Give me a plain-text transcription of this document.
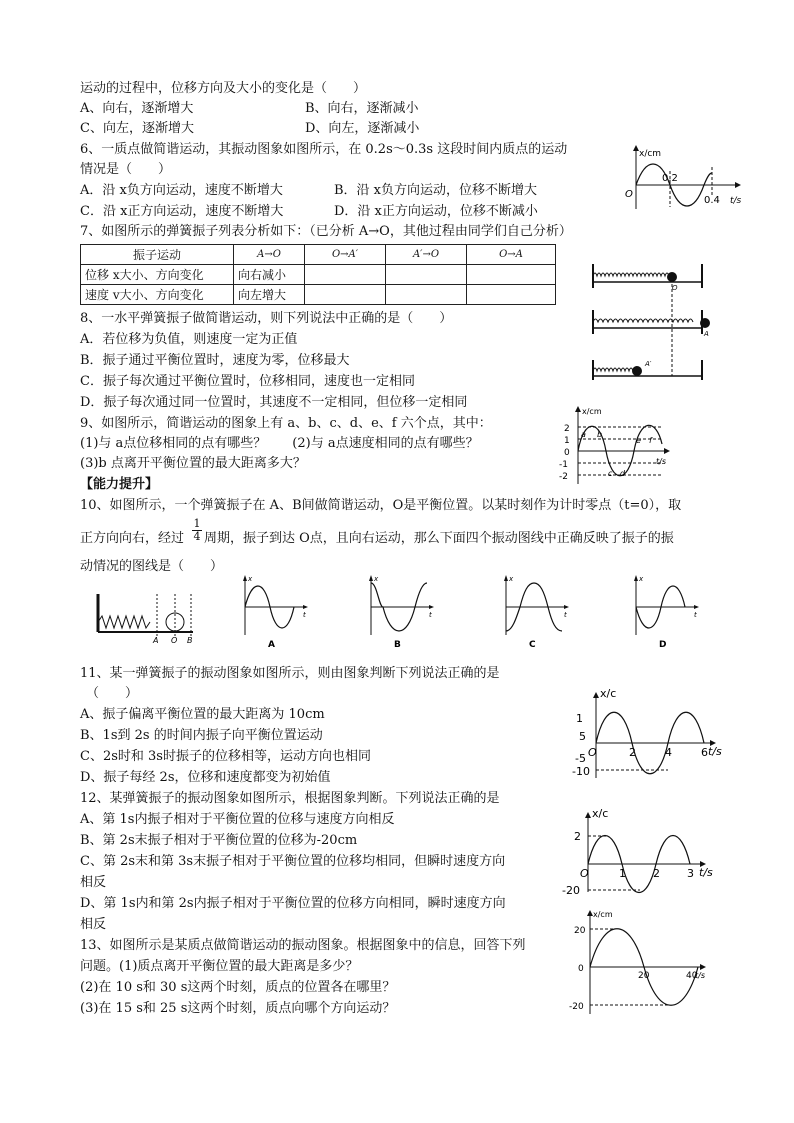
运动的过程中，位移方向及大小的变化是（　　）
A、向右，逐渐增大	B、向右，逐渐减小
C、向左，逐渐增大	D、向左，逐渐减小
6、一质点做简谐运动，其振动图象如图所示，在 0.2s～0.3s 这段时间内质点的运动
情况是（　　）
A．沿 x负方向运动，速度不断增大	B．沿 x负方向运动，位移不断增大
C．沿 x正方向运动，速度不断增大	D．沿 x正方向运动，位移不断减小
7、如图所示的弹簧振子列表分析如下：（已分析 A→O，其他过程由同学们自己分析）
振子运动	A→O	O→A′	A′→O	O→A
位移 x大小、方向变化	向右减小			
速度 v大小、方向变化	向左增大			
8、一水平弹簧振子做简谐运动，则下列说法中正确的是（　　）
A．若位移为负值，则速度一定为正值
B．振子通过平衡位置时，速度为零，位移最大
C．振子每次通过平衡位置时，位移相同，速度也一定相同
D．振子每次通过同一位置时，其速度不一定相同，但位移一定相同
9、如图所示，简谐运动的图象上有 a、b、c、d、e、f 六个点，其中：
(1)与 a点位移相同的点有哪些？　　(2)与 a点速度相同的点有哪些？
(3)b 点离开平衡位置的最大距离多大？
【能力提升】
10、如图所示，一个弹簧振子在 A、B间做简谐运动，O是平衡位置。以某时刻作为计时零点（t=0），取
正方向向右，经过 $\frac{1}{4}$ 周期，振子到达 O点，且向右运动，那么下面四个振动图线中正确反映了振子的振
动情况的图线是（　　）
11、某一弹簧振子的振动图象如图所示，则由图象判断下列说法正确的是
（　　）
A、振子偏离平衡位置的最大距离为 10cm
B、1s到 2s 的时间内振子向平衡位置运动
C、2s时和 3s时振子的位移相等，运动方向也相同
D、振子每经 2s，位移和速度都变为初始值
12、某弹簧振子的振动图象如图所示，根据图象判断。下列说法正确的是
A、第 1s内振子相对于平衡位置的位移与速度方向相反
B、第 2s末振子相对于平衡位置的位移为-20cm
C、第 2s末和第 3s末振子相对于平衡位置的位移均相同，但瞬时速度方向
相反
D、第 1s内和第 2s内振子相对于平衡位置的位移方向相同，瞬时速度方向
相反
13、如图所示是某质点做简谐运动的振动图象。根据图象中的信息，回答下列
问题。(1)质点离开平衡位置的最大距离是多少？
(2)在 10 s和 30 s这两个时刻，质点的位置各在哪里？
(3)在 15 s和 25 s这两个时刻，质点向哪个方向运动？
x/cm
O
0.2
0.4 t/s
O
A
A′
x/cm
2
1
0
-1
-2
t/s
a b
c d
e f
A O B
x
t
A
x
t
B
x
t
C
x
t
D
x/c
1
5
-5
-10
O	2	4	6 t/s
x/c
2
-20
O	1 2 3 t/s
x/cm
20
0
-20
20	40
t/s
